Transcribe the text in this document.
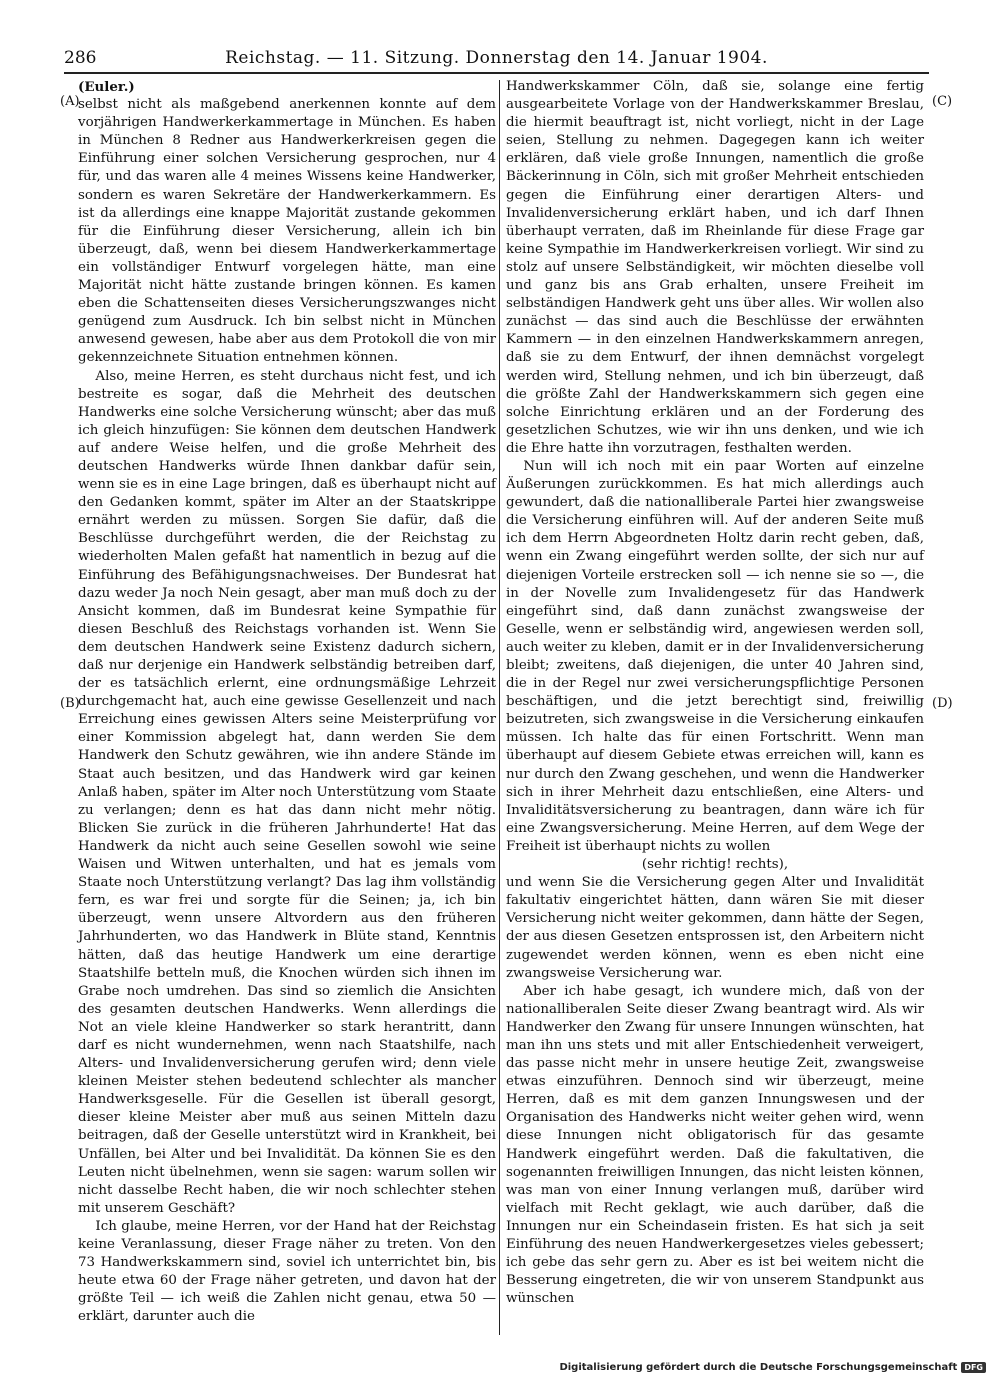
286	Reichstag. — 11. Sitzung. Donnerstag den 14. Januar 1904.
(A)
(B)
(C)
(D)

(Euler.)

selbst nicht als maßgebend anerkennen konnte auf dem vorjährigen Handwerkerkammertage in München. Es haben in München 8 Redner aus Handwerkerkreisen gegen die Einführung einer solchen Versicherung gesprochen, nur 4 für, und das waren alle 4 meines Wissens keine Handwerker, sondern es waren Sekretäre der Handwerkerkammern. Es ist da allerdings eine knappe Majorität zustande gekommen für die Einführung dieser Versicherung, allein ich bin überzeugt, daß, wenn bei diesem Handwerkerkammertage ein vollständiger Entwurf vorgelegen hätte, man eine Majorität nicht hätte zustande bringen können. Es kamen eben die Schattenseiten dieses Versicherungszwanges nicht genügend zum Ausdruck. Ich bin selbst nicht in München anwesend gewesen, habe aber aus dem Protokoll die von mir gekennzeichnete Situation entnehmen können.

Also, meine Herren, es steht durchaus nicht fest, und ich bestreite es sogar, daß die Mehrheit des deutschen Handwerks eine solche Versicherung wünscht; aber das muß ich gleich hinzufügen: Sie können dem deutschen Handwerk auf andere Weise helfen, und die große Mehrheit des deutschen Handwerks würde Ihnen dankbar dafür sein, wenn sie es in eine Lage bringen, daß es überhaupt nicht auf den Gedanken kommt, später im Alter an der Staatskrippe ernährt werden zu müssen. Sorgen Sie dafür, daß die Beschlüsse durchgeführt werden, die der Reichstag zu wiederholten Malen gefaßt hat namentlich in bezug auf die Einführung des Befähigungsnachweises. Der Bundesrat hat dazu weder Ja noch Nein gesagt, aber man muß doch zu der Ansicht kommen, daß im Bundesrat keine Sympathie für diesen Beschluß des Reichstags vorhanden ist. Wenn Sie dem deutschen Handwerk seine Existenz dadurch sichern, daß nur derjenige ein Handwerk selbständig betreiben darf, der es tatsächlich erlernt, eine ordnungsmäßige Lehrzeit durchgemacht hat, auch eine gewisse Gesellenzeit und nach Erreichung eines gewissen Alters seine Meisterprüfung vor einer Kommission abgelegt hat, dann werden Sie dem Handwerk den Schutz gewähren, wie ihn andere Stände im Staat auch besitzen, und das Handwerk wird gar keinen Anlaß haben, später im Alter noch Unterstützung vom Staate zu verlangen; denn es hat das dann nicht mehr nötig. Blicken Sie zurück in die früheren Jahrhunderte! Hat das Handwerk da nicht auch seine Gesellen sowohl wie seine Waisen und Witwen unterhalten, und hat es jemals vom Staate noch Unterstützung verlangt? Das lag ihm vollständig fern, es war frei und sorgte für die Seinen; ja, ich bin überzeugt, wenn unsere Altvordern aus den früheren Jahrhunderten, wo das Handwerk in Blüte stand, Kenntnis hätten, daß das heutige Handwerk um eine derartige Staatshilfe betteln muß, die Knochen würden sich ihnen im Grabe noch umdrehen. Das sind so ziemlich die Ansichten des gesamten deutschen Handwerks. Wenn allerdings die Not an viele kleine Handwerker so stark herantritt, dann darf es nicht wundernehmen, wenn nach Staatshilfe, nach Alters- und Invalidenversicherung gerufen wird; denn viele kleinen Meister stehen bedeutend schlechter als mancher Handwerksgeselle. Für die Gesellen ist überall gesorgt, dieser kleine Meister aber muß aus seinen Mitteln dazu beitragen, daß der Geselle unterstützt wird in Krankheit, bei Unfällen, bei Alter und bei Invalidität. Da können Sie es den Leuten nicht übelnehmen, wenn sie sagen: warum sollen wir nicht dasselbe Recht haben, die wir noch schlechter stehen mit unserem Geschäft?

Ich glaube, meine Herren, vor der Hand hat der Reichstag keine Veranlassung, dieser Frage näher zu treten. Von den 73 Handwerkskammern sind, soviel ich unterrichtet bin, bis heute etwa 60 der Frage näher getreten, und davon hat der größte Teil — ich weiß die Zahlen nicht genau, etwa 50 — erklärt, darunter auch die

Handwerkskammer Cöln, daß sie, solange eine fertig ausgearbeitete Vorlage von der Handwerkskammer Breslau, die hiermit beauftragt ist, nicht vorliegt, nicht in der Lage seien, Stellung zu nehmen. Dagegegen kann ich weiter erklären, daß viele große Innungen, namentlich die große Bäckerinnung in Cöln, sich mit großer Mehrheit entschieden gegen die Einführung einer derartigen Alters- und Invalidenversicherung erklärt haben, und ich darf Ihnen überhaupt verraten, daß im Rheinlande für diese Frage gar keine Sympathie im Handwerkerkreisen vorliegt. Wir sind zu stolz auf unsere Selbständigkeit, wir möchten dieselbe voll und ganz bis ans Grab erhalten, unsere Freiheit im selbständigen Handwerk geht uns über alles. Wir wollen also zunächst — das sind auch die Beschlüsse der erwähnten Kammern — in den einzelnen Handwerkskammern anregen, daß sie zu dem Entwurf, der ihnen demnächst vorgelegt werden wird, Stellung nehmen, und ich bin überzeugt, daß die größte Zahl der Handwerkskammern sich gegen eine solche Einrichtung erklären und an der Forderung des gesetzlichen Schutzes, wie wir ihn uns denken, und wie ich die Ehre hatte ihn vorzutragen, festhalten werden.

Nun will ich noch mit ein paar Worten auf einzelne Äußerungen zurückkommen. Es hat mich allerdings auch gewundert, daß die nationalliberale Partei hier zwangsweise die Versicherung einführen will. Auf der anderen Seite muß ich dem Herrn Abgeordneten Holtz darin recht geben, daß, wenn ein Zwang eingeführt werden sollte, der sich nur auf diejenigen Vorteile erstrecken soll — ich nenne sie so —, die in der Novelle zum Invalidengesetz für das Handwerk eingeführt sind, daß dann zunächst zwangsweise der Geselle, wenn er selbständig wird, angewiesen werden soll, auch weiter zu kleben, damit er in der Invalidenversicherung bleibt; zweitens, daß diejenigen, die unter 40 Jahren sind, die in der Regel nur zwei versicherungspflichtige Personen beschäftigen, und die jetzt berechtigt sind, freiwillig beizutreten, sich zwangsweise in die Versicherung einkaufen müssen. Ich halte das für einen Fortschritt. Wenn man überhaupt auf diesem Gebiete etwas erreichen will, kann es nur durch den Zwang geschehen, und wenn die Handwerker sich in ihrer Mehrheit dazu entschließen, eine Alters- und Invaliditätsversicherung zu beantragen, dann wäre ich für eine Zwangsversicherung. Meine Herren, auf dem Wege der Freiheit ist überhaupt nichts zu wollen

(sehr richtig! rechts),

und wenn Sie die Versicherung gegen Alter und Invalidität fakultativ eingerichtet hätten, dann wären Sie mit dieser Versicherung nicht weiter gekommen, dann hätte der Segen, der aus diesen Gesetzen entsprossen ist, den Arbeitern nicht zugewendet werden können, wenn es eben nicht eine zwangsweise Versicherung war.

Aber ich habe gesagt, ich wundere mich, daß von der nationalliberalen Seite dieser Zwang beantragt wird. Als wir Handwerker den Zwang für unsere Innungen wünschten, hat man ihn uns stets und mit aller Entschiedenheit verweigert, das passe nicht mehr in unsere heutige Zeit, zwangsweise etwas einzuführen. Dennoch sind wir überzeugt, meine Herren, daß es mit dem ganzen Innungswesen und der Organisation des Handwerks nicht weiter gehen wird, wenn diese Innungen nicht obligatorisch für das gesamte Handwerk eingeführt werden. Daß die fakultativen, die sogenannten freiwilligen Innungen, das nicht leisten können, was man von einer Innung verlangen muß, darüber wird vielfach mit Recht geklagt, wie auch darüber, daß die Innungen nur ein Scheindasein fristen. Es hat sich ja seit Einführung des neuen Handwerkergesetzes vieles gebessert; ich gebe das sehr gern zu. Aber es ist bei weitem nicht die Besserung eingetreten, die wir von unserem Standpunkt aus wünschen

Digitalisierung gefördert durch die Deutsche Forschungsgemeinschaft DFG
